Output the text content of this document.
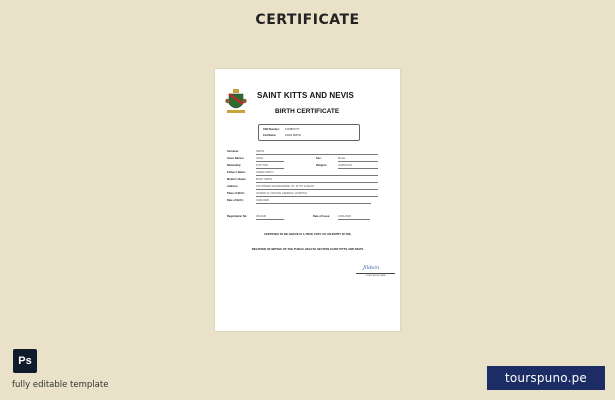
CERTIFICATE
SAINT KITTS AND NEVIS
BIRTH CERTIFICATE
SSN Number: 1234567777
Full Name:	JOHN SMITH
Surname:	SMITH
Given Names:	JOHN	Sex:	MALE
Nationality:	KITTITIAN	Religion:	CHRISTIAN
Father's Name:	JAMES SMITH
Mother's Name:	MARY SMITH
Address:	123 STREET, BASSETERRE, ST. KITTS & NEVIS
Place of Birth:	JOSEPH N. FRANCE GENERAL HOSPITAL
Date of Birth:	01/01/1990
Registration No:	0012345	Date of Issue:	01/01/2020
CERTIFIED TO BE ABOVE IS A TRUE COPY OF AN ENTRY IN THE
REGISTER OF BIRTHS OF THE PUBLIC HEALTH SECTION SAINT KITTS AND NEVIS
Jlldein
CHIEF REGISTRAR
Ps
fully editable template	tourspuno.pe
